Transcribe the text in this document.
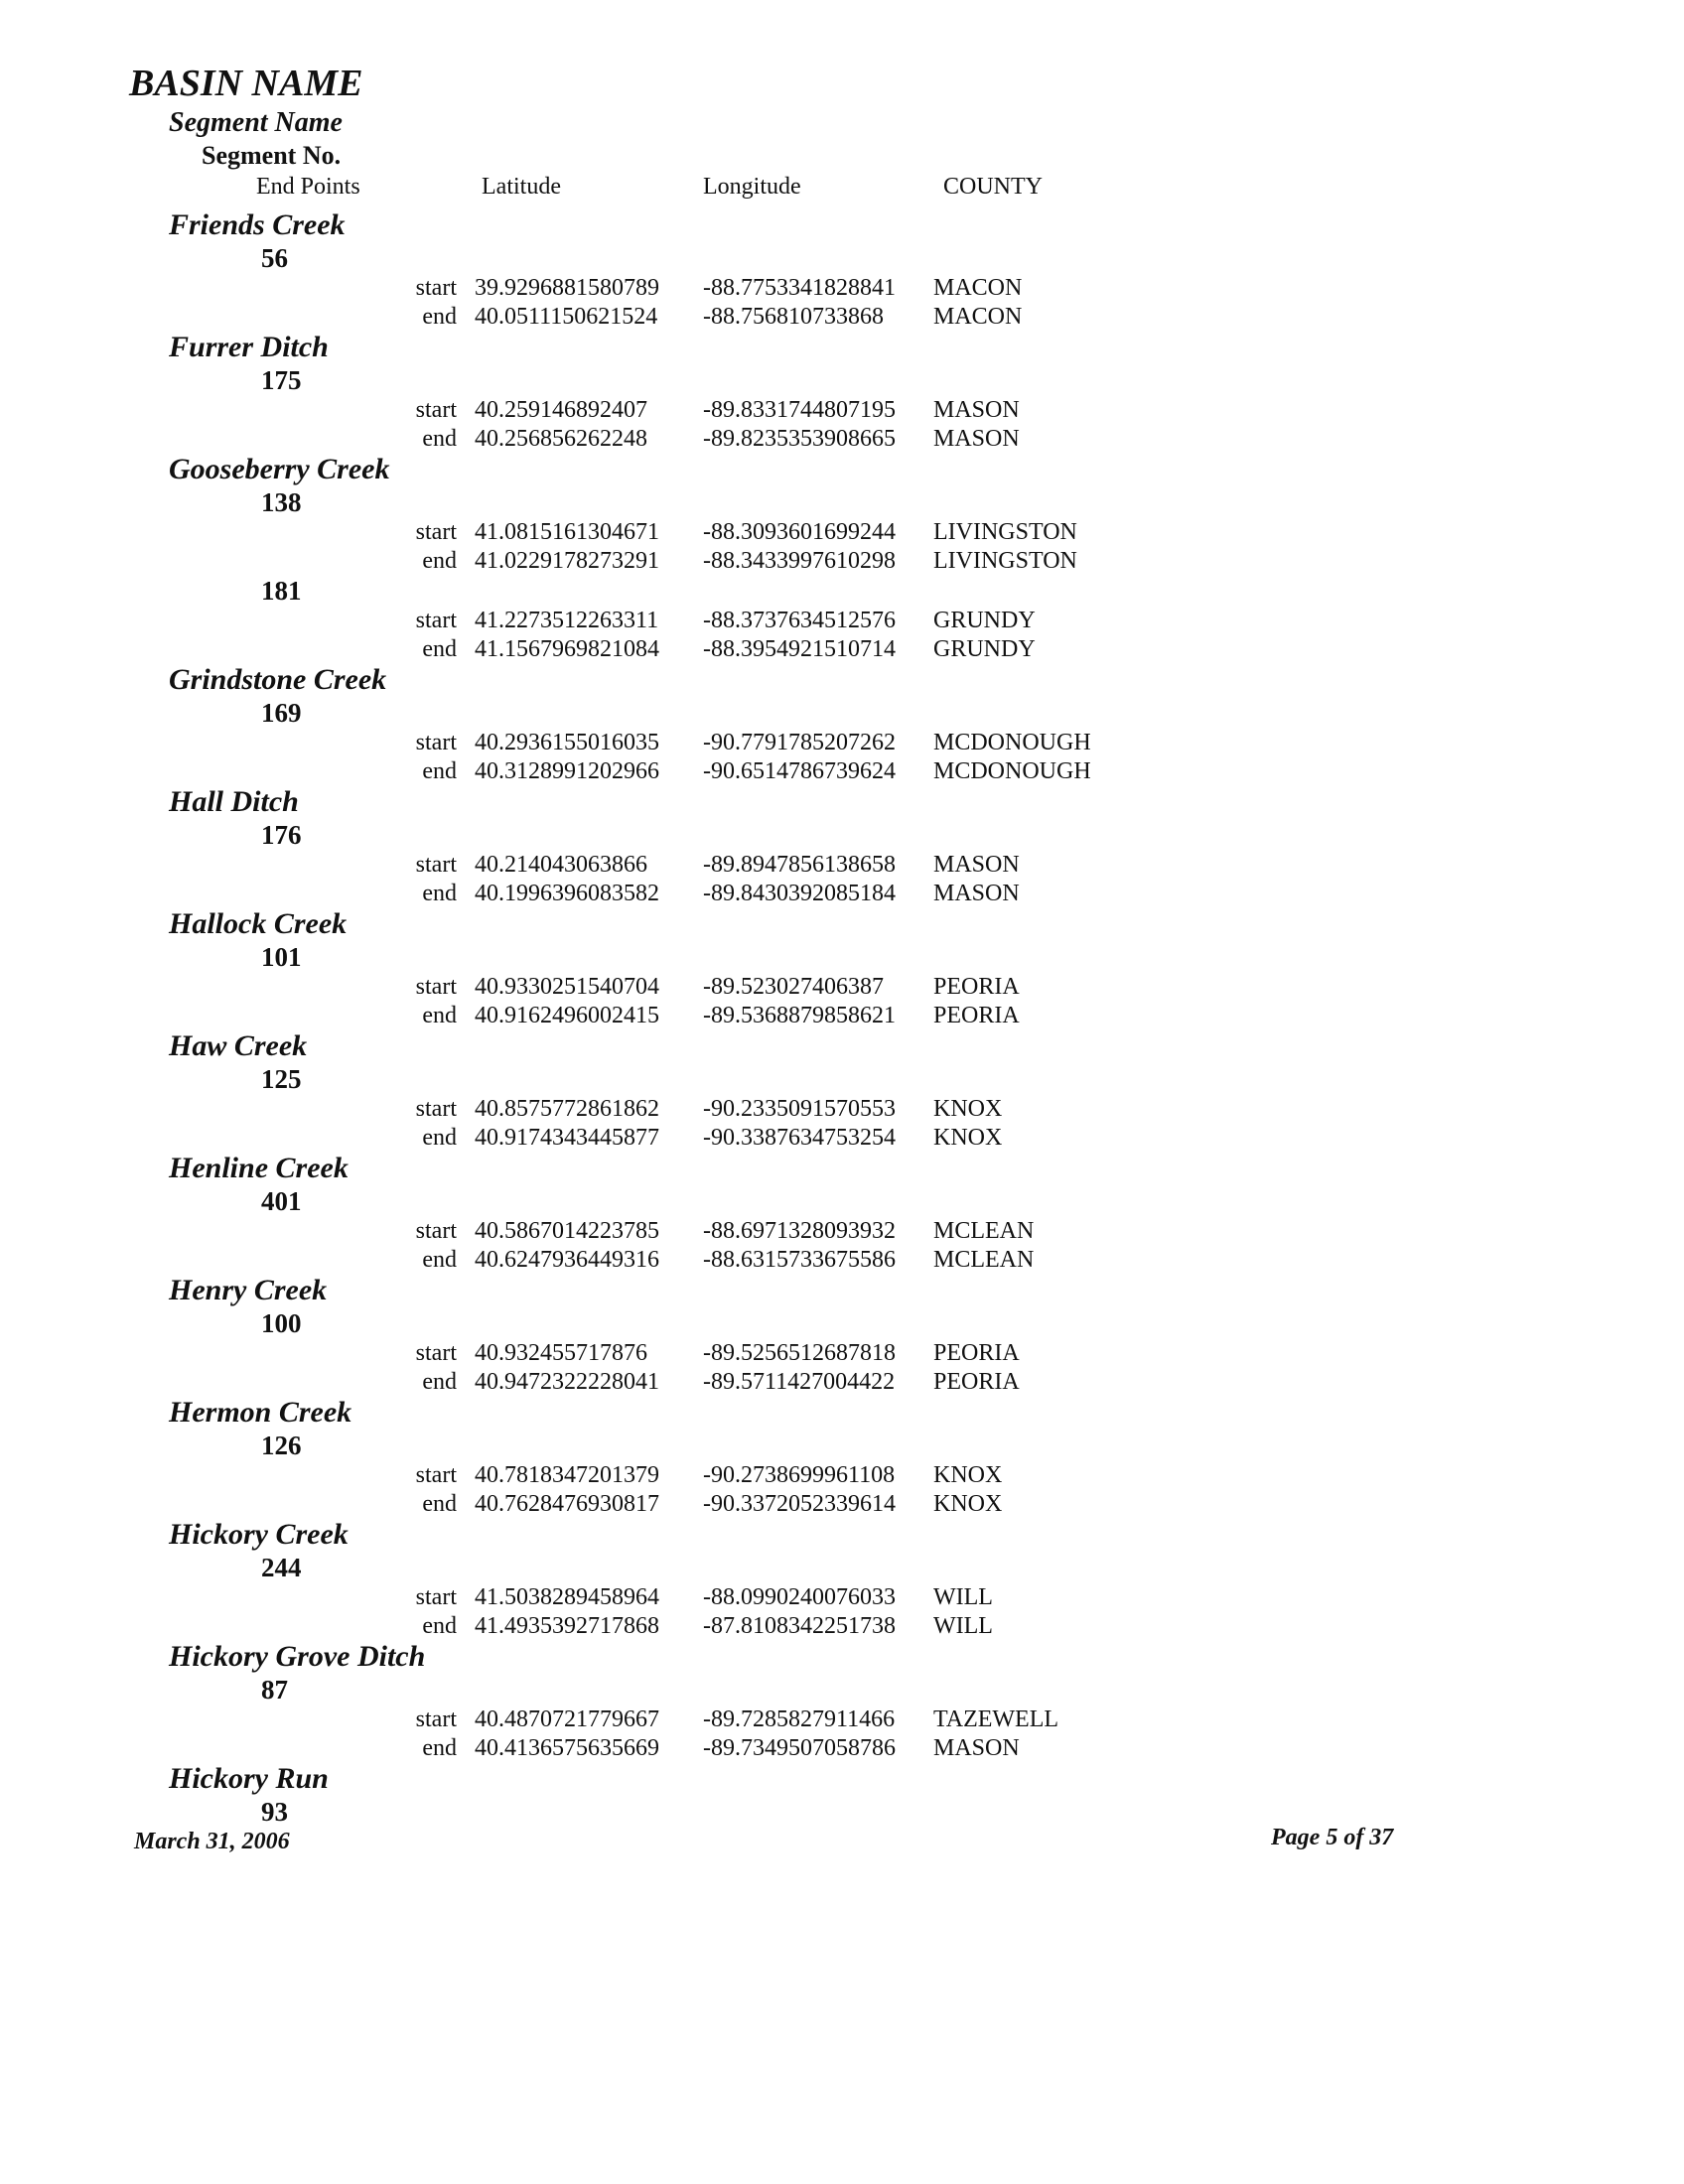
BASIN NAME
Segment Name
Segment No.
End Points	Latitude	Longitude	COUNTY
Friends Creek
56
start 39.9296881580789 -88.7753341828841 MACON
end 40.0511150621524 -88.756810733868 MACON
Furrer Ditch
175
start 40.259146892407 -89.8331744807195 MASON
end 40.256856262248 -89.8235353908665 MASON
Gooseberry Creek
138
start 41.0815161304671 -88.3093601699244 LIVINGSTON
end 41.0229178273291 -88.3433997610298 LIVINGSTON
181
start 41.2273512263311 -88.3737634512576 GRUNDY
end 41.1567969821084 -88.3954921510714 GRUNDY
Grindstone Creek
169
start 40.2936155016035 -90.7791785207262 MCDONOUGH
end 40.3128991202966 -90.6514786739624 MCDONOUGH
Hall Ditch
176
start 40.214043063866 -89.8947856138658 MASON
end 40.1996396083582 -89.8430392085184 MASON
Hallock Creek
101
start 40.9330251540704 -89.523027406387 PEORIA
end 40.9162496002415 -89.5368879858621 PEORIA
Haw Creek
125
start 40.8575772861862 -90.2335091570553 KNOX
end 40.9174343445877 -90.3387634753254 KNOX
Henline Creek
401
start 40.5867014223785 -88.6971328093932 MCLEAN
end 40.6247936449316 -88.6315733675586 MCLEAN
Henry Creek
100
start 40.932455717876 -89.5256512687818 PEORIA
end 40.9472322228041 -89.5711427004422 PEORIA
Hermon Creek
126
start 40.7818347201379 -90.2738699961108 KNOX
end 40.7628476930817 -90.3372052339614 KNOX
Hickory Creek
244
start 41.5038289458964 -88.0990240076033 WILL
end 41.4935392717868 -87.8108342251738 WILL
Hickory Grove Ditch
87
start 40.4870721779667 -89.7285827911466 TAZEWELL
end 40.4136575635669 -89.7349507058786 MASON
Hickory Run
93
March 31, 2006	Page 5 of 37
